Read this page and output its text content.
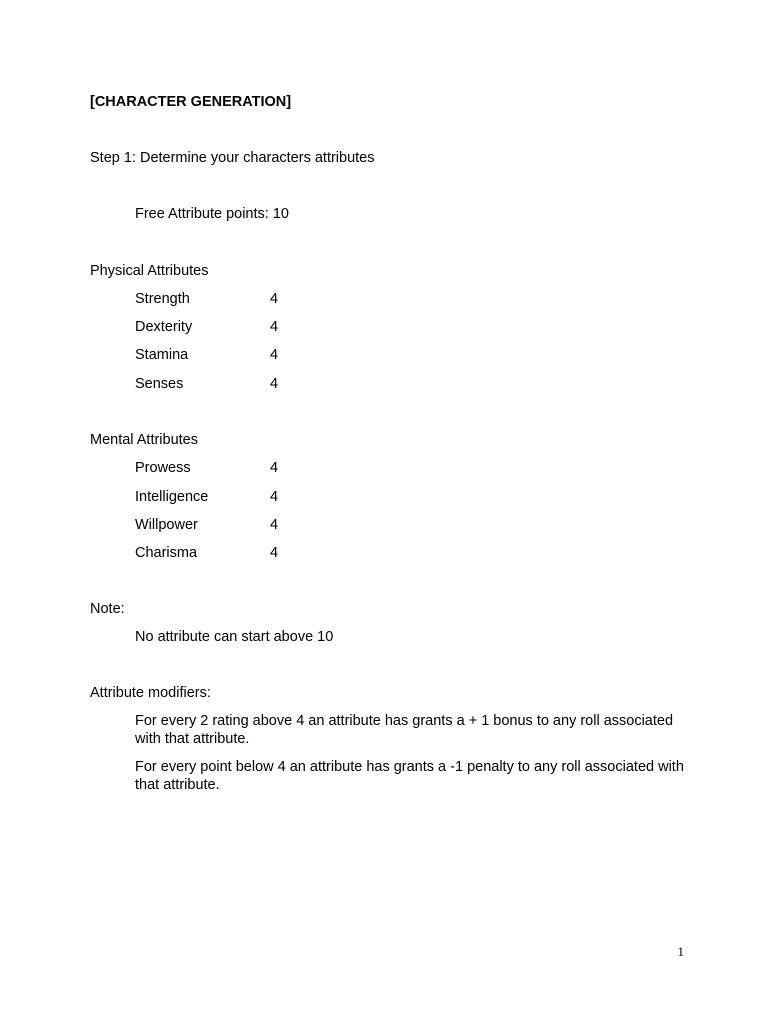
[CHARACTER GENERATION]
Step 1: Determine your characters attributes
Free Attribute points: 10
Physical Attributes
Strength	4
Dexterity	4
Stamina	4
Senses	4
Mental Attributes
Prowess	4
Intelligence	4
Willpower	4
Charisma	4
Note:
No attribute can start above 10
Attribute modifiers:
For every 2 rating above 4 an attribute has grants a + 1 bonus to any roll associated with that attribute.
For every point below 4 an attribute has grants a -1 penalty to any roll associated with that attribute.
1
